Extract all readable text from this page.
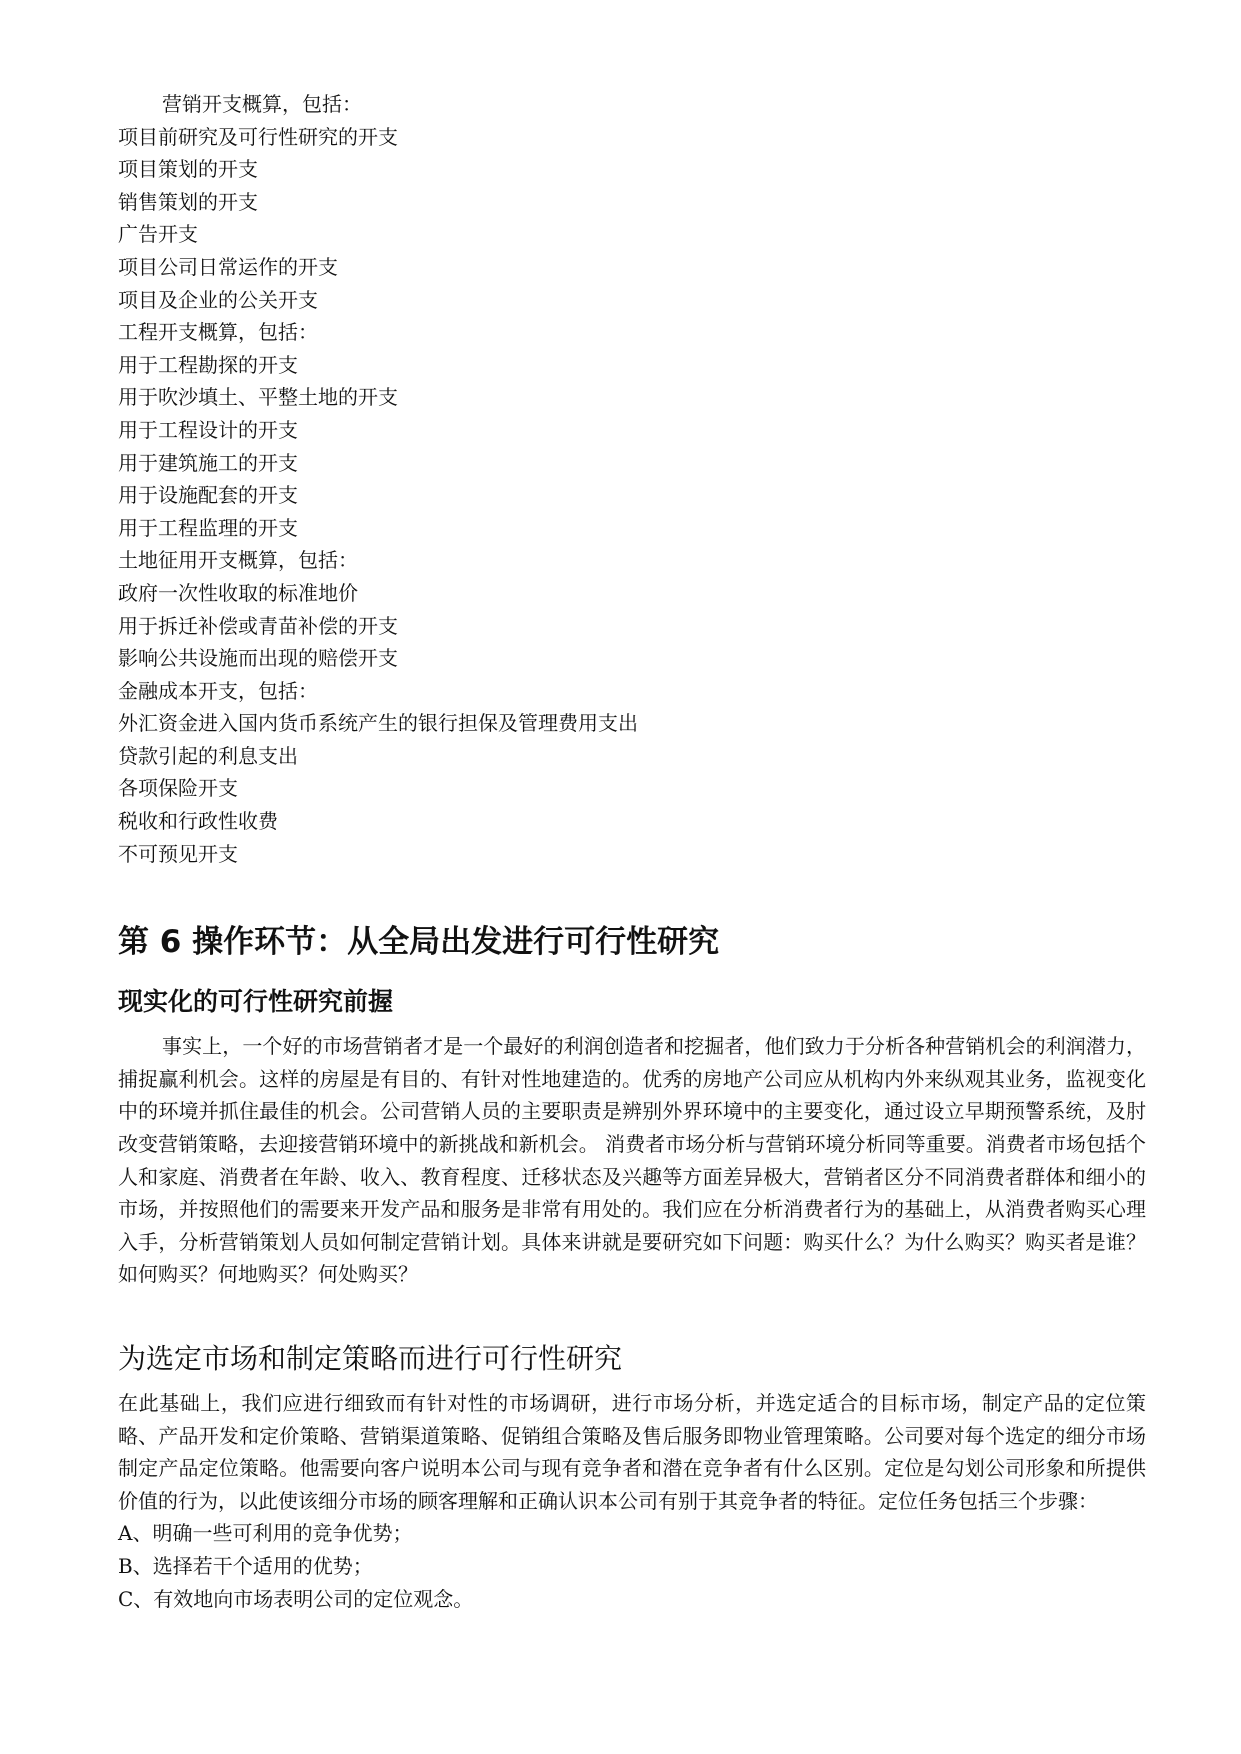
营销开支概算，包括：
项目前研究及可行性研究的开支
项目策划的开支
销售策划的开支
广告开支
项目公司日常运作的开支
项目及企业的公关开支
工程开支概算，包括：
用于工程勘探的开支
用于吹沙填土、平整土地的开支
用于工程设计的开支
用于建筑施工的开支
用于设施配套的开支
用于工程监理的开支
土地征用开支概算，包括：
政府一次性收取的标准地价
用于拆迁补偿或青苗补偿的开支
影响公共设施而出现的赔偿开支
金融成本开支，包括：
外汇资金进入国内货币系统产生的银行担保及管理费用支出
贷款引起的利息支出
各项保险开支
税收和行政性收费
不可预见开支
第 6 操作环节：从全局出发进行可行性研究
现实化的可行性研究前握

事实上，一个好的市场营销者才是一个最好的利润创造者和挖掘者，他们致力于分析各种营销机会的利润潜力，捕捉赢利机会。这样的房屋是有目的、有针对性地建造的。优秀的房地产公司应从机构内外来纵观其业务，监视变化中的环境并抓住最佳的机会。公司营销人员的主要职责是辨别外界环境中的主要变化，通过设立早期预警系统，及肘改变营销策略，去迎接营销环境中的新挑战和新机会。 消费者市场分析与营销环境分析同等重要。消费者市场包括个人和家庭、消费者在年龄、收入、教育程度、迁移状态及兴趣等方面差异极大，营销者区分不同消费者群体和细小的市场，并按照他们的需要来开发产品和服务是非常有用处的。我们应在分析消费者行为的基础上，从消费者购买心理入手，分析营销策划人员如何制定营销计划。具体来讲就是要研究如下问题：购买什么？为什么购买？购买者是谁？如何购买？何地购买？何处购买？

为选定市场和制定策略而进行可行性研究

在此基础上，我们应进行细致而有针对性的市场调研，进行市场分析，并选定适合的目标市场，制定产品的定位策略、产品开发和定价策略、营销渠道策略、促销组合策略及售后服务即物业管理策略。公司要对每个选定的细分市场制定产品定位策略。他需要向客户说明本公司与现有竞争者和潜在竞争者有什么区别。定位是勾划公司形象和所提供价值的行为，以此使该细分市场的顾客理解和正确认识本公司有别于其竞争者的特征。定位任务包括三个步骤：

A、明确一些可利用的竞争优势；
B、选择若干个适用的优势；
C、有效地向市场表明公司的定位观念。
